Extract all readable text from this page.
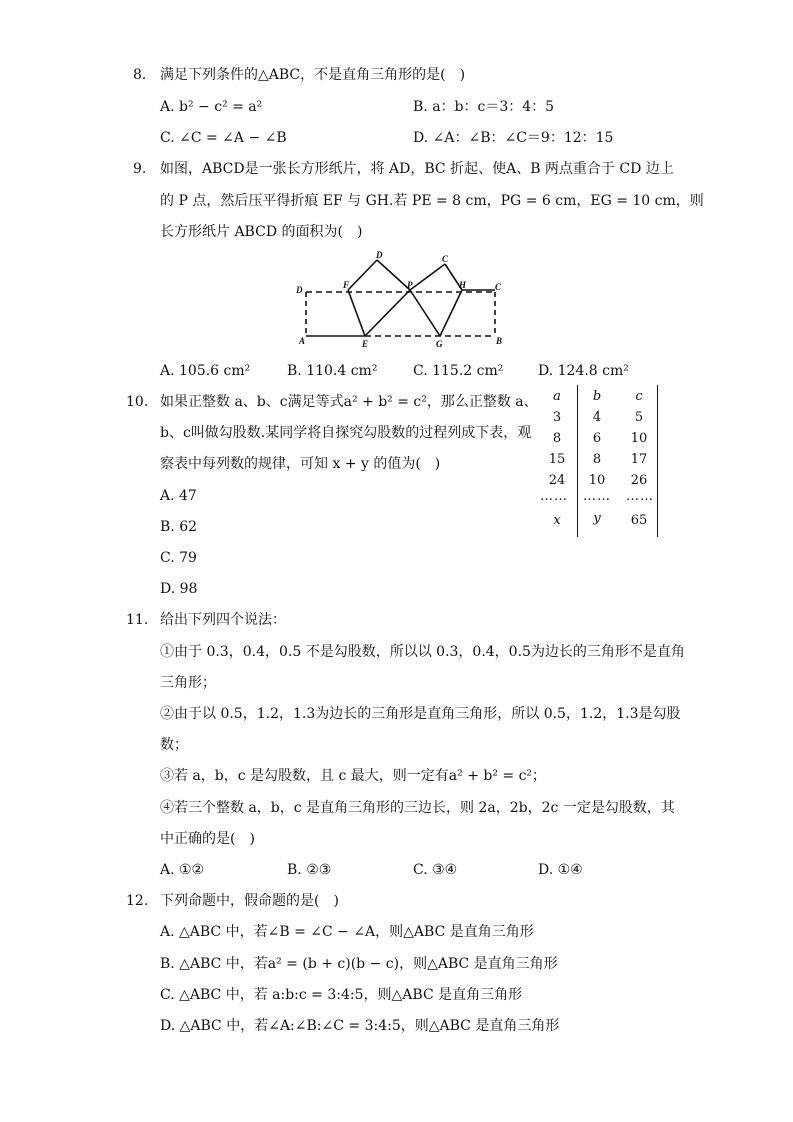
8. 满足下列条件的△ABC，不是直角三角形的是(　)
A. b² − c² = a²	B. a：b：c＝3：4：5
C. ∠C = ∠A − ∠B	D. ∠A：∠B：∠C＝9：12：15
9. 如图，ABCD是一张长方形纸片，将 AD，BC 折起、使A、B 两点重合于 CD 边上
的 P 点，然后压平得折痕 EF 与 GH.若 PE = 8 cm，PG = 6 cm，EG = 10 cm，则
长方形纸片 ABCD 的面积为(　)
D	F
D
P
C
H	C
A	E	G	B
A. 105.6 cm²	B. 110.4 cm²	C. 115.2 cm² D. 124.8 cm²
10. 如果正整数 a、b、c满足等式a² + b² = c²，那么正整数 a、
b、c叫做勾股数.某同学将自探究勾股数的过程列成下表，观
察表中每列数的规律，可知 x + y 的值为(　)
A. 47
B. 62
C. 79
D. 98
a	b	c
3	4	5
8	6	10
15	8	17
24	10	26
…… …… ……
x	y	65
11. 给出下列四个说法：
①由于 0.3，0.4，0.5 不是勾股数，所以以 0.3，0.4，0.5为边长的三角形不是直角
三角形；
②由于以 0.5，1.2，1.3为边长的三角形是直角三角形，所以 0.5，1.2，1.3是勾股
数；
③若 a，b，c 是勾股数，且 c 最大，则一定有a² + b² = c²；
④若三个整数 a，b，c 是直角三角形的三边长，则 2a，2b，2c 一定是勾股数，其
中正确的是(　)
A. ①②	B. ②③	C. ③④	D. ①④
12. 下列命题中，假命题的是(　)
A. △ABC 中，若∠B = ∠C − ∠A，则△ABC 是直角三角形
B. △ABC 中，若a² = (b + c)(b − c)，则△ABC 是直角三角形
C. △ABC 中，若 a:b:c = 3:4:5，则△ABC 是直角三角形
D. △ABC 中，若∠A:∠B:∠C = 3:4:5，则△ABC 是直角三角形
